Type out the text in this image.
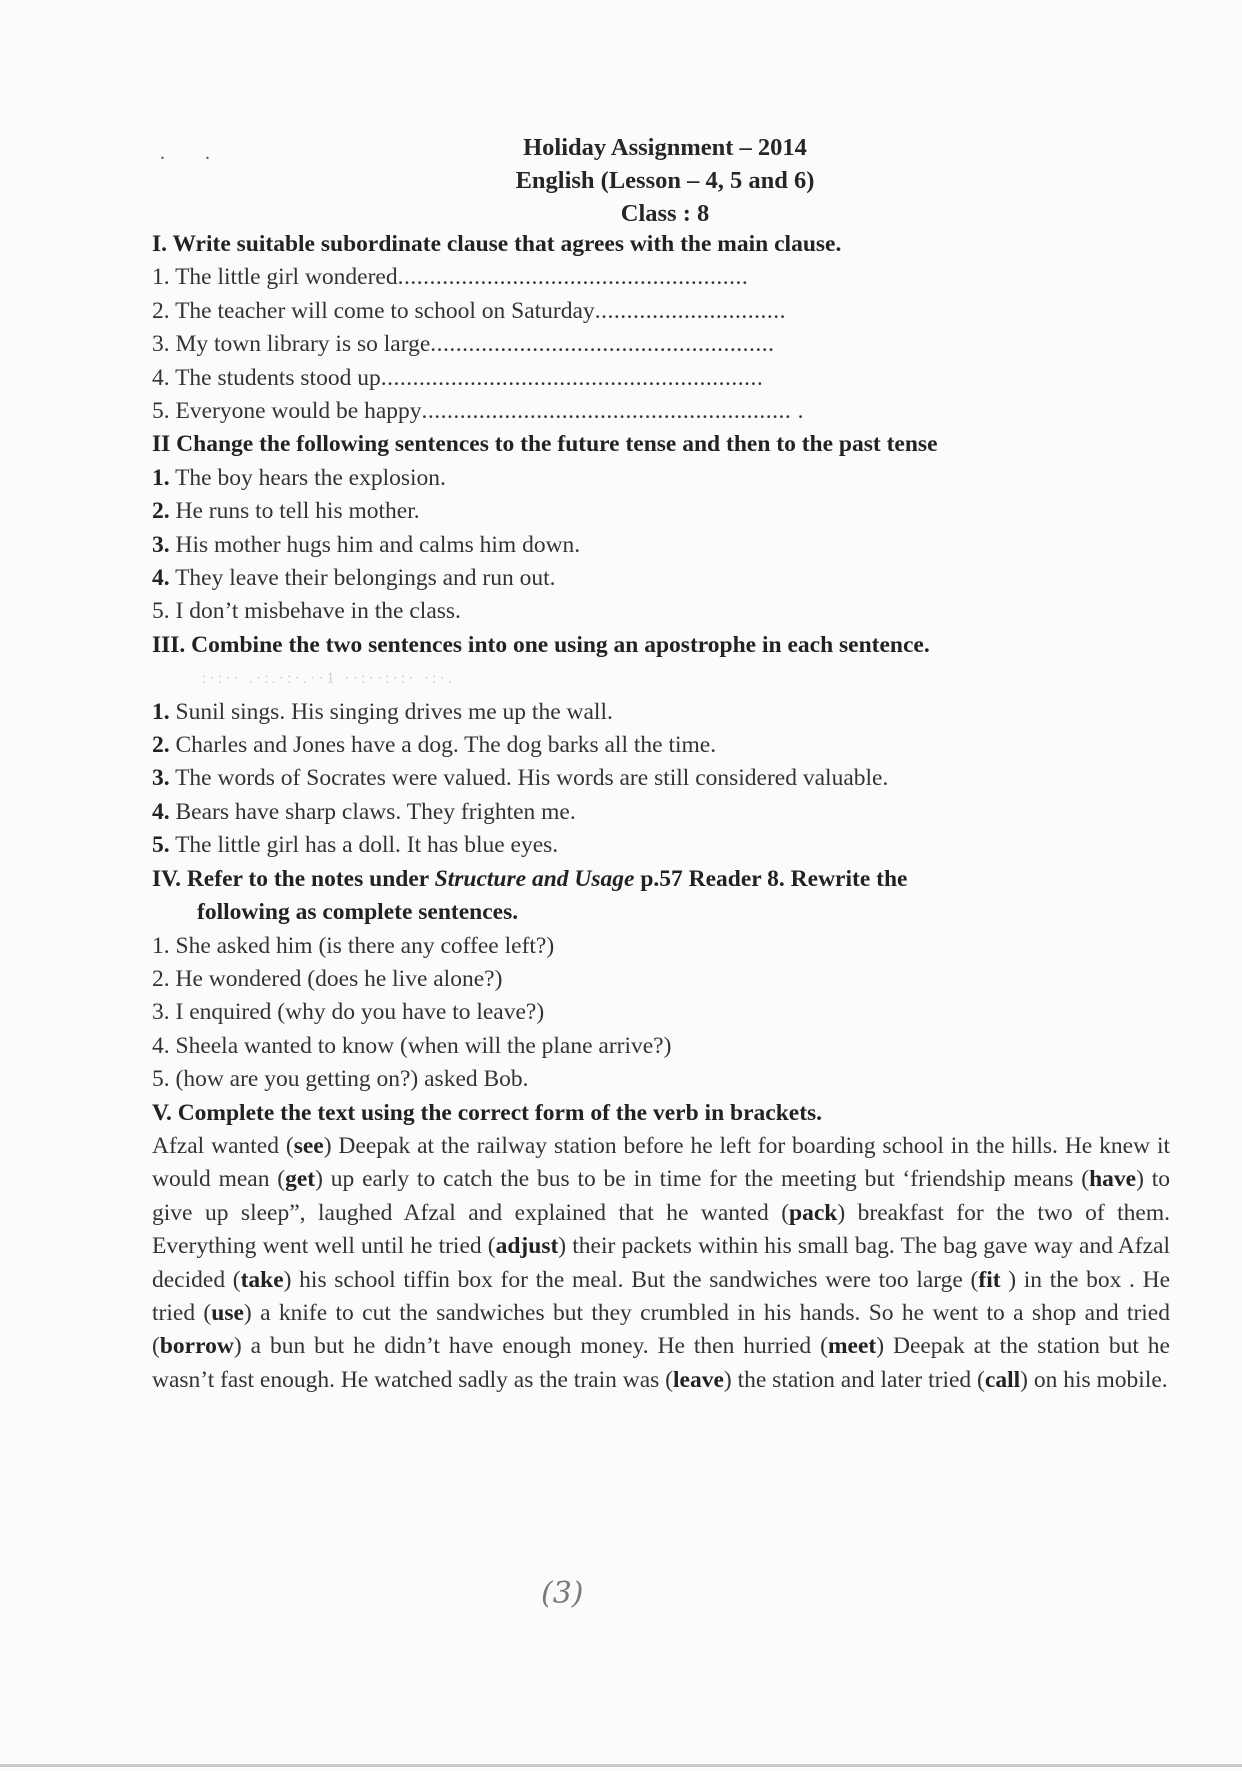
..	Holiday Assignment – 2014
English (Lesson – 4, 5 and 6)
Class : 8
I. Write suitable subordinate clause that agrees with the main clause.
1. The little girl wondered.......................................................
2. The teacher will come to school on Saturday..............................
3. My town library is so large......................................................
4. The students stood up............................................................
5. Everyone would be happy.......................................................... .
II Change the following sentences to the future tense and then to the past tense
1. The boy hears the explosion.
2. He runs to tell his mother.
3. His mother hugs him and calms him down.
4. They leave their belongings and run out.
5. I don’t misbehave in the class.
III. Combine the two sentences into one using an apostrophe in each sentence.
:·:·· .·:.·:·.··1 ··:··:·:· ·:·.
1. Sunil sings. His singing drives me up the wall.
2. Charles and Jones have a dog. The dog barks all the time.
3. The words of Socrates were valued. His words are still considered valuable.
4. Bears have sharp claws. They frighten me.
5. The little girl has a doll. It has blue eyes.
IV. Refer to the notes under Structure and Usage p.57 Reader 8. Rewrite the
following as complete sentences.
1. She asked him (is there any coffee left?)
2. He wondered (does he live alone?)
3. I enquired (why do you have to leave?)
4. Sheela wanted to know (when will the plane arrive?)
5. (how are you getting on?) asked Bob.
V. Complete the text using the correct form of the verb in brackets.
Afzal wanted (see) Deepak at the railway station before he left for boarding school in the hills. He knew it would mean (get) up early to catch the bus to be in time for the meeting but ‘friendship means (have) to give up sleep”, laughed Afzal and explained that he wanted (pack) breakfast for the two of them. Everything went well until he tried (adjust) their packets within his small bag. The bag gave way and Afzal decided (take) his school tiffin box for the meal. But the sandwiches were too large (fit ) in the box . He tried (use) a knife to cut the sandwiches but they crumbled in his hands. So he went to a shop and tried (borrow) a bun but he didn’t have enough money. He then hurried (meet) Deepak at the station but he wasn’t fast enough. He watched sadly as the train was (leave) the station and later tried (call) on his mobile.
(3)
